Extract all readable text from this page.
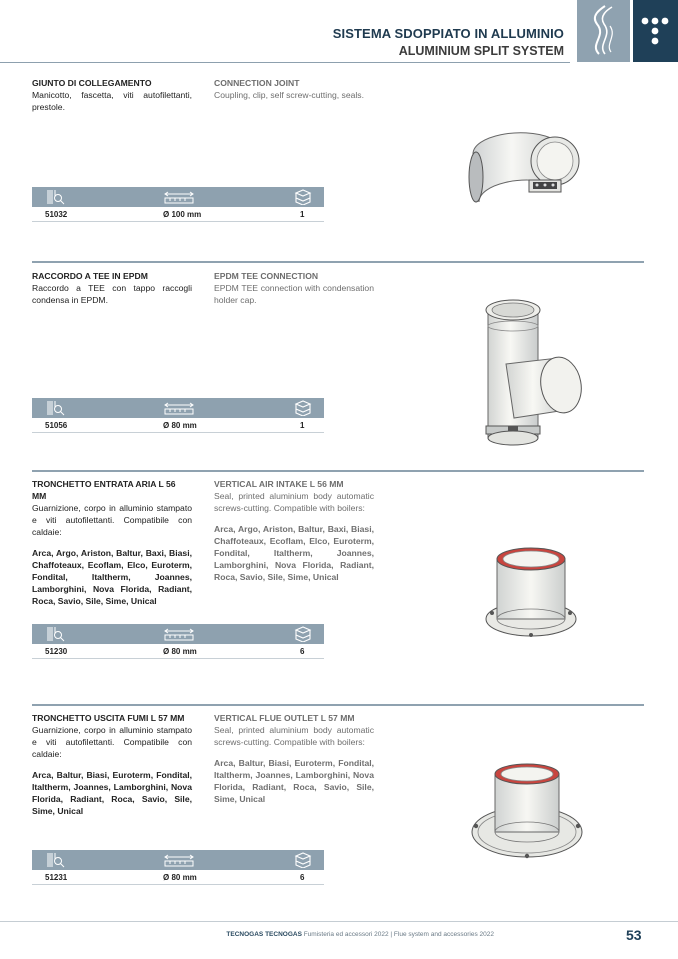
SISTEMA SDOPPIATO IN ALLUMINIO
ALUMINIUM SPLIT SYSTEM
GIUNTO DI COLLEGAMENTO
Manicotto, fascetta, viti autofilettanti, prestole.
CONNECTION JOINT
Coupling, clip, self screw-cutting, seals.
51032	Ø 100 mm	1
RACCORDO A TEE IN EPDM
Raccordo a TEE con tappo raccogli condensa in EPDM.
EPDM TEE CONNECTION
EPDM TEE connection with condensation holder cap.
51056	Ø 80 mm	1
TRONCHETTO ENTRATA ARIA L 56 MM
Guarnizione, corpo in alluminio stampato e viti autofilettanti. Compatibile con caldaie:
Arca, Argo, Ariston, Baltur, Baxi, Biasi, Chaffoteaux, Ecoflam, Elco, Euroterm, Fondital, Italtherm, Joannes, Lamborghini, Nova Florida, Radiant, Roca, Savio, Sile, Sime, Unical
VERTICAL AIR INTAKE L 56 MM
Seal, printed aluminium body automatic screws-cutting. Compatible with boilers:
Arca, Argo, Ariston, Baltur, Baxi, Biasi, Chaffoteaux, Ecoflam, Elco, Euroterm, Fondital, Italtherm, Joannes, Lamborghini, Nova Florida, Radiant, Roca, Savio, Sile, Sime, Unical
51230	Ø 80 mm	6
TRONCHETTO USCITA FUMI L 57 MM
Guarnizione, corpo in alluminio stampato e viti autofilettanti. Compatibile con caldaie:
Arca, Baltur, Biasi, Euroterm, Fondital, Italtherm, Joannes, Lamborghini, Nova Florida, Radiant, Roca, Savio, Sile, Sime, Unical
VERTICAL FLUE OUTLET L 57 MM
Seal, printed aluminium body automatic screws-cutting. Compatible with boilers:
Arca, Baltur, Biasi, Euroterm, Fondital, Italtherm, Joannes, Lamborghini, Nova Florida, Radiant, Roca, Savio, Sile, Sime, Unical
51231	Ø 80 mm	6
TECNOGAS TECNOGAS Fumisteria ed accessori 2022 | Flue system and accessories 2022	53
